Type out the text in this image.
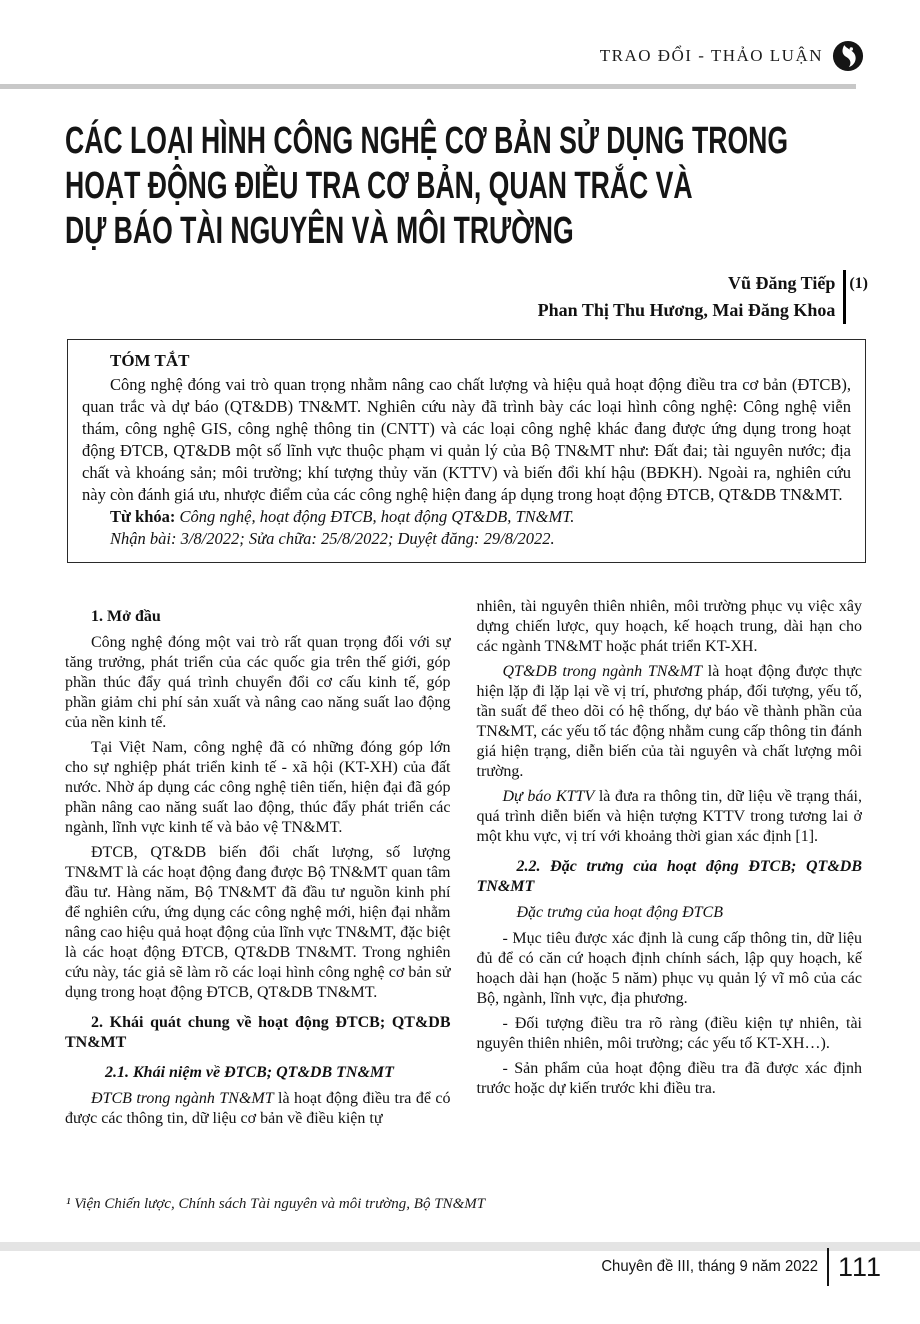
TRAO ĐỔI - THẢO LUẬN
CÁC LOẠI HÌNH CÔNG NGHỆ CƠ BẢN SỬ DỤNG TRONG
HOẠT ĐỘNG ĐIỀU TRA CƠ BẢN, QUAN TRẮC VÀ
DỰ BÁO TÀI NGUYÊN VÀ MÔI TRƯỜNG
Vũ Đăng Tiếp
Phan Thị Thu Hương, Mai Đăng Khoa
(1)
TÓM TẮT

Công nghệ đóng vai trò quan trọng nhằm nâng cao chất lượng và hiệu quả hoạt động điều tra cơ bản (ĐTCB), quan trắc và dự báo (QT&DB) TN&MT. Nghiên cứu này đã trình bày các loại hình công nghệ: Công nghệ viễn thám, công nghệ GIS, công nghệ thông tin (CNTT) và các loại công nghệ khác đang được ứng dụng trong hoạt động ĐTCB, QT&DB một số lĩnh vực thuộc phạm vi quản lý của Bộ TN&MT như: Đất đai; tài nguyên nước; địa chất và khoáng sản; môi trường; khí tượng thủy văn (KTTV) và biến đổi khí hậu (BĐKH). Ngoài ra, nghiên cứu này còn đánh giá ưu, nhược điểm của các công nghệ hiện đang áp dụng trong hoạt động ĐTCB, QT&DB TN&MT.

Từ khóa: Công nghệ, hoạt động ĐTCB, hoạt động QT&DB, TN&MT.

Nhận bài: 3/8/2022; Sửa chữa: 25/8/2022; Duyệt đăng: 29/8/2022.

1. Mở đầu

Công nghệ đóng một vai trò rất quan trọng đối với sự tăng trưởng, phát triển của các quốc gia trên thế giới, góp phần thúc đẩy quá trình chuyển đổi cơ cấu kinh tế, góp phần giảm chi phí sản xuất và nâng cao năng suất lao động của nền kinh tế.

Tại Việt Nam, công nghệ đã có những đóng góp lớn cho sự nghiệp phát triển kinh tế - xã hội (KT-XH) của đất nước. Nhờ áp dụng các công nghệ tiên tiến, hiện đại đã góp phần nâng cao năng suất lao động, thúc đẩy phát triển các ngành, lĩnh vực kinh tế và bảo vệ TN&MT.

ĐTCB, QT&DB biến đổi chất lượng, số lượng TN&MT là các hoạt động đang được Bộ TN&MT quan tâm đầu tư. Hàng năm, Bộ TN&MT đã đầu tư nguồn kinh phí để nghiên cứu, ứng dụng các công nghệ mới, hiện đại nhằm nâng cao hiệu quả hoạt động của lĩnh vực TN&MT, đặc biệt là các hoạt động ĐTCB, QT&DB TN&MT. Trong nghiên cứu này, tác giả sẽ làm rõ các loại hình công nghệ cơ bản sử dụng trong hoạt động ĐTCB, QT&DB TN&MT.

2. Khái quát chung về hoạt động ĐTCB; QT&DB TN&MT

2.1. Khái niệm về ĐTCB; QT&DB TN&MT

ĐTCB trong ngành TN&MT là hoạt động điều tra để có được các thông tin, dữ liệu cơ bản về điều kiện tự

nhiên, tài nguyên thiên nhiên, môi trường phục vụ việc xây dựng chiến lược, quy hoạch, kế hoạch trung, dài hạn cho các ngành TN&MT hoặc phát triển KT-XH.

QT&DB trong ngành TN&MT là hoạt động được thực hiện lặp đi lặp lại về vị trí, phương pháp, đối tượng, yếu tố, tần suất để theo dõi có hệ thống, dự báo về thành phần của TN&MT, các yếu tố tác động nhằm cung cấp thông tin đánh giá hiện trạng, diễn biến của tài nguyên và chất lượng môi trường.

Dự báo KTTV là đưa ra thông tin, dữ liệu về trạng thái, quá trình diễn biến và hiện tượng KTTV trong tương lai ở một khu vực, vị trí với khoảng thời gian xác định [1].

2.2. Đặc trưng của hoạt động ĐTCB; QT&DB TN&MT

Đặc trưng của hoạt động ĐTCB

- Mục tiêu được xác định là cung cấp thông tin, dữ liệu đủ để có căn cứ hoạch định chính sách, lập quy hoạch, kế hoạch dài hạn (hoặc 5 năm) phục vụ quản lý vĩ mô của các Bộ, ngành, lĩnh vực, địa phương.

- Đối tượng điều tra rõ ràng (điều kiện tự nhiên, tài nguyên thiên nhiên, môi trường; các yếu tố KT-XH…).

- Sản phẩm của hoạt động điều tra đã được xác định trước hoặc dự kiến trước khi điều tra.

¹ Viện Chiến lược, Chính sách Tài nguyên và môi trường, Bộ TN&MT
Chuyên đề III, tháng 9 năm 2022 111
